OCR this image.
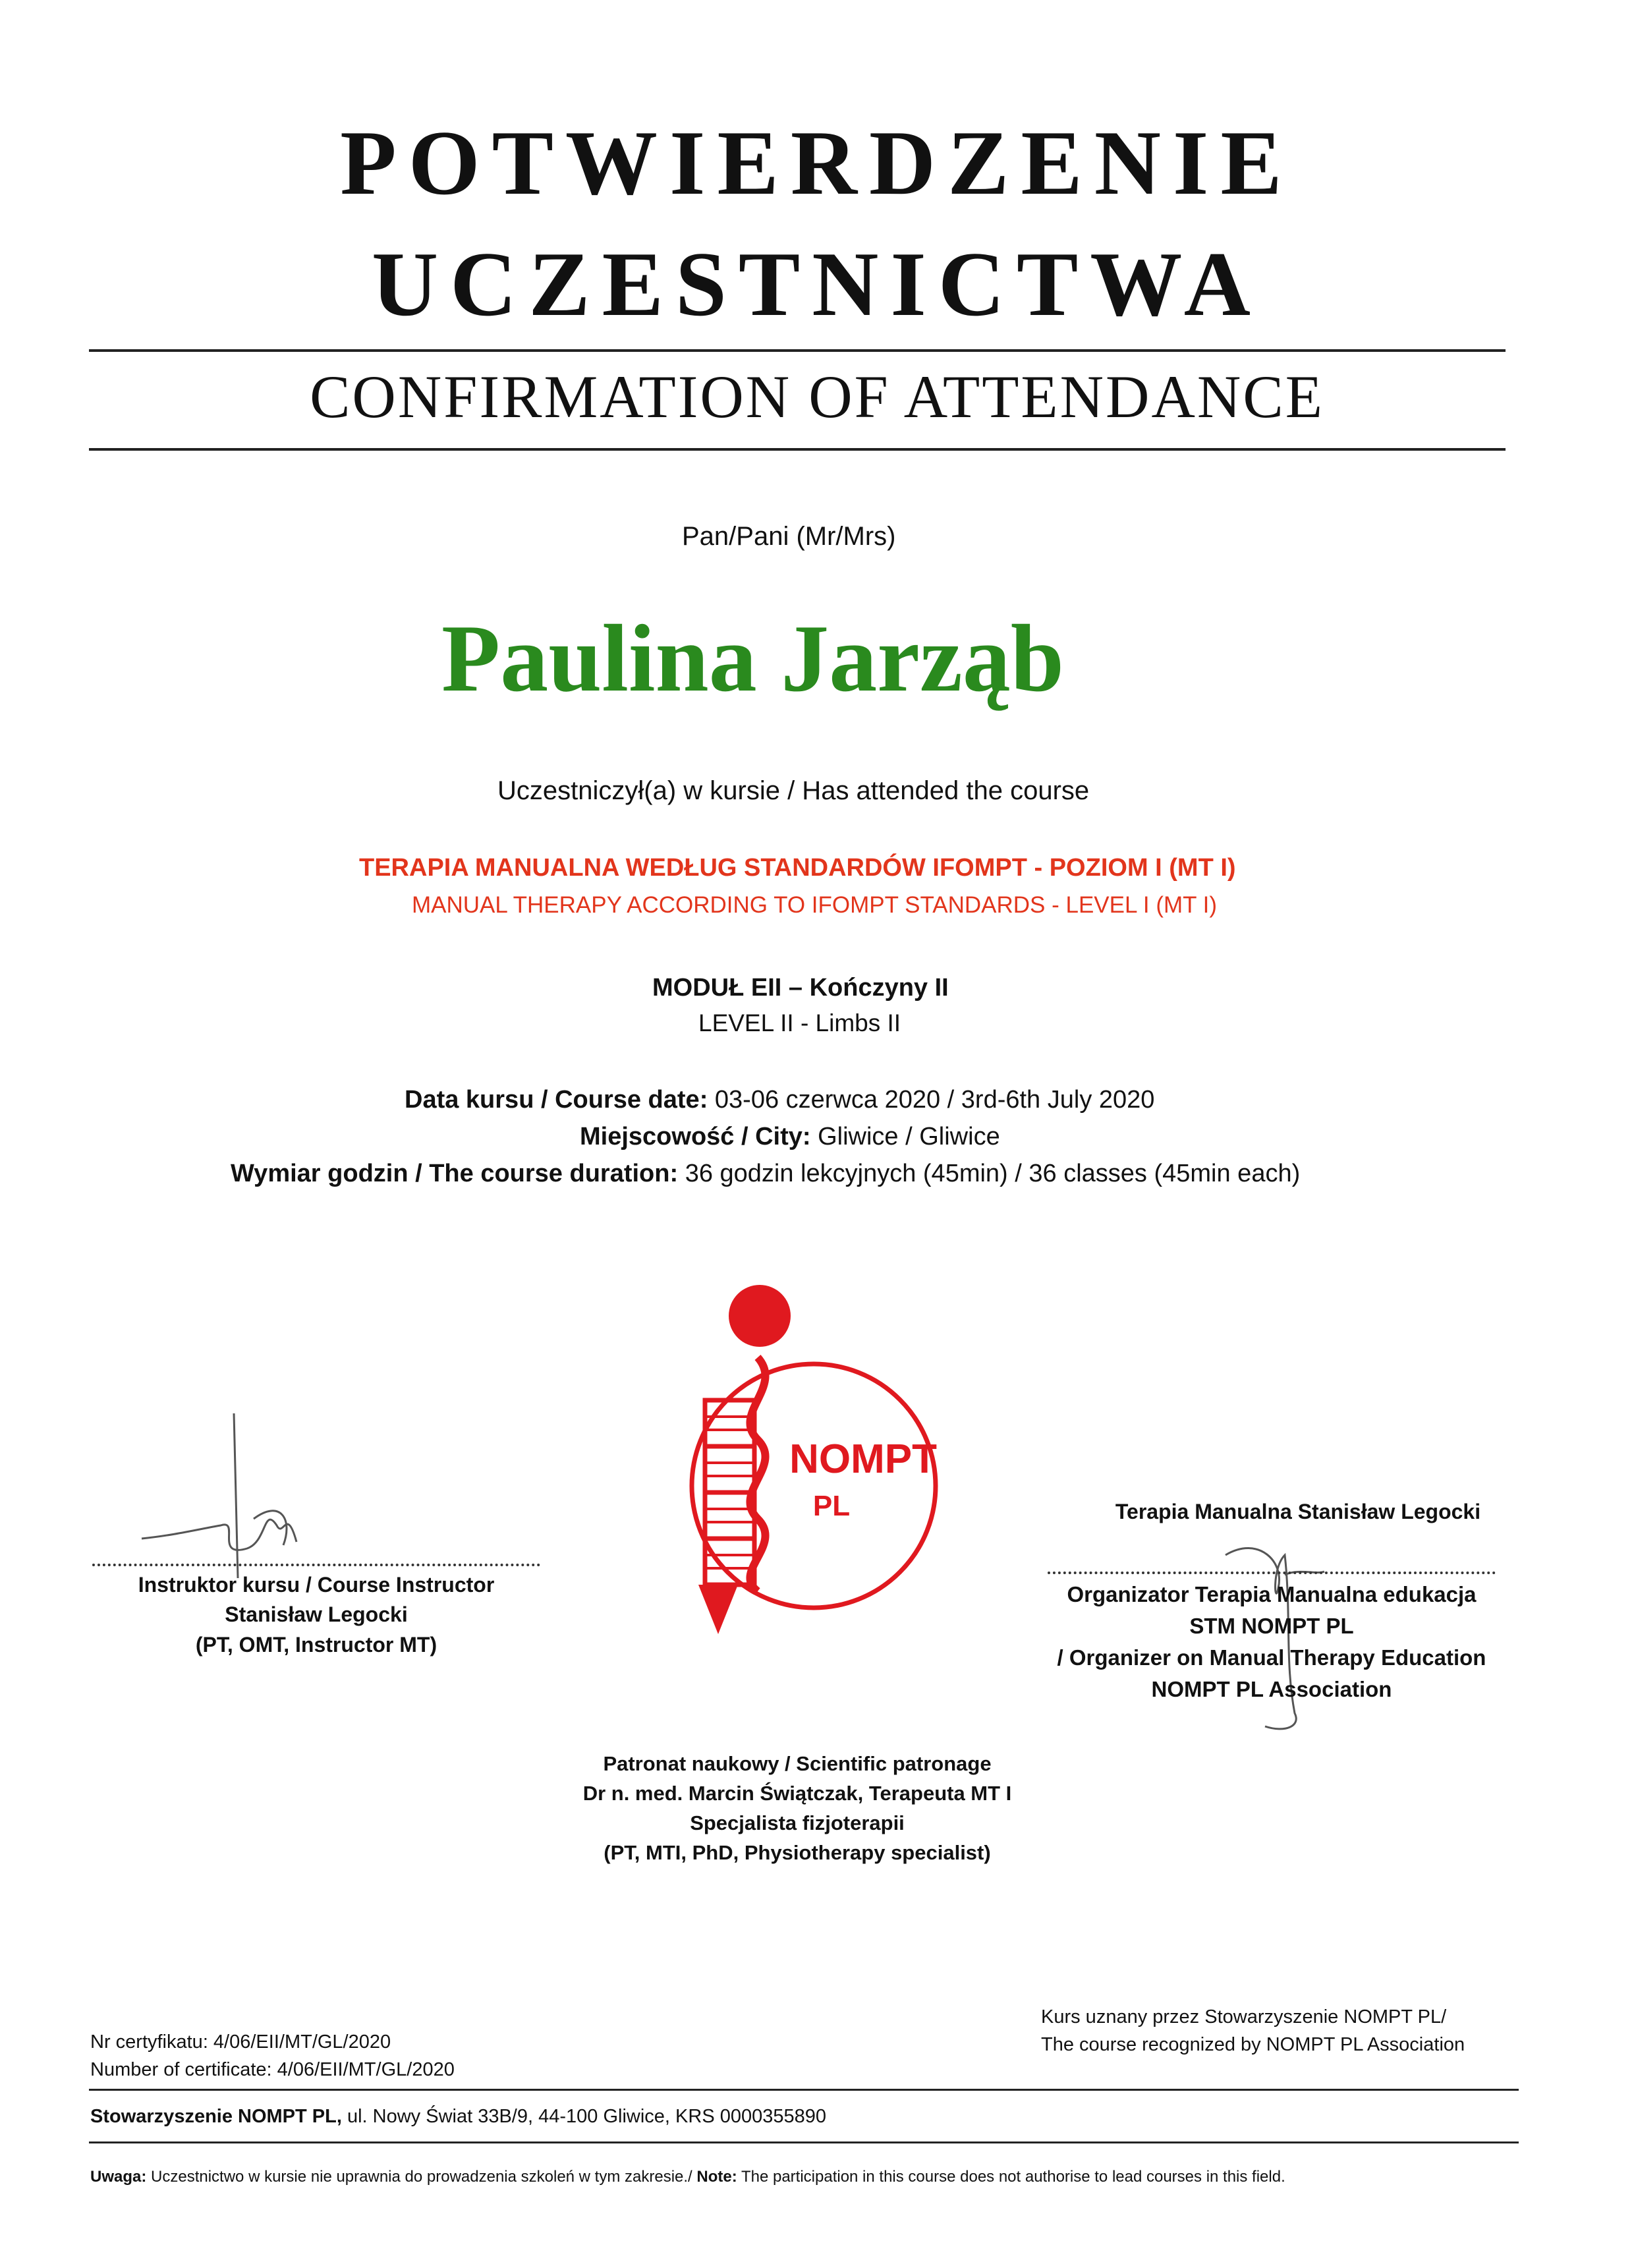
POTWIERDZENIE
UCZESTNICTWA
CONFIRMATION OF ATTENDANCE
Pan/Pani (Mr/Mrs)
Paulina Jarząb
Uczestniczył(a) w kursie / Has attended the course
TERAPIA MANUALNA WEDŁUG STANDARDÓW IFOMPT - POZIOM I (MT I)
MANUAL THERAPY ACCORDING TO IFOMPT STANDARDS - LEVEL I (MT I)
MODUŁ EII – Kończyny II
LEVEL II - Limbs II
Data kursu / Course date: 03-06 czerwca 2020 / 3rd-6th July 2020
Miejscowość / City: Gliwice / Gliwice
Wymiar godzin / The course duration: 36 godzin lekcyjnych (45min) / 36 classes (45min each)
NOMPT
PL
Instruktor kursu / Course Instructor
Stanisław Legocki
(PT, OMT, Instructor MT)
Terapia Manualna Stanisław Legocki
Organizator Terapia Manualna edukacja
STM NOMPT PL
/ Organizer on Manual Therapy Education
NOMPT PL Association
Patronat naukowy / Scientific patronage
Dr n. med. Marcin Świątczak, Terapeuta MT I
Specjalista fizjoterapii
(PT, MTI, PhD, Physiotherapy specialist)
Nr certyfikatu: 4/06/EII/MT/GL/2020
Number of certificate: 4/06/EII/MT/GL/2020
Kurs uznany przez Stowarzyszenie NOMPT PL/
The course recognized by NOMPT PL Association
Stowarzyszenie NOMPT PL, ul. Nowy Świat 33B/9, 44-100 Gliwice, KRS 0000355890
Uwaga: Uczestnictwo w kursie nie uprawnia do prowadzenia szkoleń w tym zakresie./ Note: The participation in this course does not authorise to lead courses in this field.
